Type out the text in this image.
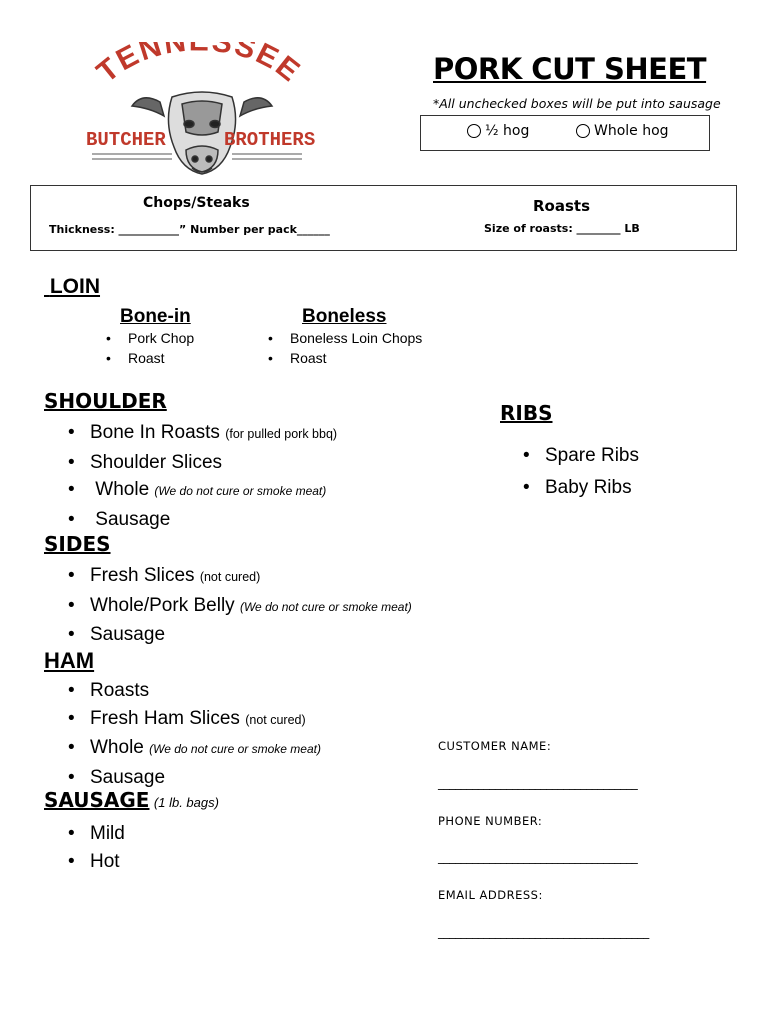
TENN SSEE
BUTCHER	BROTHERS
PORK CUT SHEET
*All unchecked boxes will be put into sausage
½ hog	Whole hog
Chops/Steaks
Thickness: ___________” Number per pack______
Roasts
Size of roasts: ________ LB
LOIN
Bone-in
• Pork Chop
• Roast
Boneless
• Boneless Loin Chops
• Roast
SHOULDER
• Bone In Roasts (for pulled pork bbq)
• Shoulder Slices
•  Whole (We do not cure or smoke meat)
•  Sausage
RIBS
• Spare Ribs
• Baby Ribs
SIDES
• Fresh Slices (not cured)
• Whole/Pork Belly (We do not cure or smoke meat)
• Sausage
HAM
• Roasts
• Fresh Ham Slices (not cured)
• Whole (We do not cure or smoke meat)
• Sausage
SAUSAGE (1 lb. bags)
• Mild
• Hot
CUSTOMER NAME:
___________________________________
PHONE NUMBER:
___________________________________
EMAIL ADDRESS:
_____________________________________
